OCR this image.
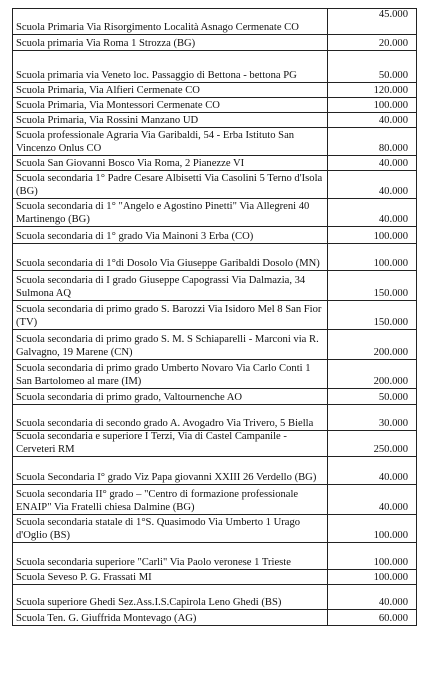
Scuola Primaria Via Risorgimento Località Asnago Cermenate CO	45.000
Scuola primaria Via Roma 1 Strozza (BG)	20.000
Scuola primaria via Veneto loc. Passaggio di Bettona - bettona PG	50.000
Scuola Primaria, Via Alfieri Cermenate CO	120.000
Scuola Primaria, Via Montessori Cermenate CO	100.000
Scuola Primaria, Via Rossini Manzano UD	40.000
Scuola professionale Agraria Via Garibaldi, 54 - Erba Istituto San Vincenzo Onlus CO	80.000
Scuola San Giovanni Bosco Via Roma, 2 Pianezze VI	40.000
Scuola secondaria 1° Padre Cesare Albisetti Via Casolini 5 Terno d'Isola (BG)	40.000
Scuola secondaria di 1° "Angelo e Agostino Pinetti" Via Allegreni 40 Martinengo (BG)	40.000
Scuola secondaria di 1° grado Via Mainoni 3 Erba (CO)	100.000
Scuola secondaria di 1°di Dosolo Via Giuseppe Garibaldi Dosolo (MN)	100.000
Scuola secondaria di I grado Giuseppe Capograssi Via Dalmazia, 34 Sulmona AQ	150.000
Scuola secondaria di primo grado S. Barozzi Via Isidoro Mel 8 San Fior (TV)	150.000
Scuola secondaria di primo grado S. M. S Schiaparelli - Marconi via R. Galvagno, 19 Marene (CN)	200.000
Scuola secondaria di primo grado Umberto Novaro Via Carlo Conti 1 San Bartolomeo al mare (IM)	200.000
Scuola secondaria di primo grado, Valtournenche AO	50.000
Scuola secondaria di secondo grado A. Avogadro Via Trivero, 5 Biella	30.000
Scuola secondaria e superiore I Terzi, Via di Castel Campanile - Cerveteri RM	250.000
Scuola Secondaria I° grado Viz Papa giovanni XXIII 26 Verdello (BG)	40.000
Scuola secondaria II° grado – "Centro di formazione professionale ENAIP" Via Fratelli chiesa Dalmine (BG)	40.000
Scuola secondaria statale di 1°S. Quasimodo Via Umberto 1 Urago d'Oglio (BS)	100.000
Scuola secondaria superiore "Carli" Via Paolo veronese 1 Trieste	100.000
Scuola Seveso P. G. Frassati MI	100.000
Scuola superiore Ghedi Sez.Ass.I.S.Capirola Leno Ghedi (BS)	40.000
Scuola Ten. G. Giuffrida Montevago (AG)	60.000
